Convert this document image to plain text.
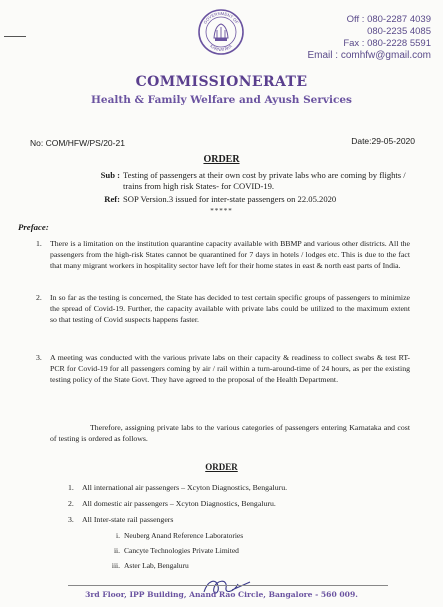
GOVERNMENT OF
KARNATAKA
Off : 080-2287 4039
080-2235 4085
Fax : 080-2228 5591
Email : comhfw@gmail.com
COMMISSIONERATE
Health & Family Welfare and Ayush Services
No: COM/HFW/PS/20-21	Date:29-05-2020
ORDER
Sub : Testing of passengers at their own cost by private labs who are coming by flights / trains from high risk States- for COVID-19.
Ref: SOP Version.3 issued for inter-state passengers on 22.05.2020
*****
Preface:
1. There is a limitation on the institution quarantine capacity available with BBMP and various other districts. All the passengers from the high-risk States cannot be quarantined for 7 days in hotels / lodges etc. This is due to the fact that many migrant workers in hospitality sector have left for their home states in east & north east parts of India.
2. In so far as the testing is concerned, the State has decided to test certain specific groups of passengers to minimize the spread of Covid-19. Further, the capacity available with private labs could be utilized to the maximum extent so that testing of Covid suspects happens faster.
3. A meeting was conducted with the various private labs on their capacity & readiness to collect swabs & test RT-PCR for Covid-19 for all passengers coming by air / rail within a turn-around-time of 24 hours, as per the existing testing policy of the State Govt. They have agreed to the proposal of the Health Department.
Therefore, assigning private labs to the various categories of passengers entering Karnataka and cost of testing is ordered as follows.
ORDER
1. All international air passengers – Xcyton Diagnostics, Bengaluru.
2. All domestic air passengers – Xcyton Diagnostics, Bengaluru.
3. All Inter-state rail passengers
i. Neuberg Anand Reference Laboratories
ii. Cancyte Technologies Private Limited
iii. Aster Lab, Bengaluru
3rd Floor, IPP Building, Anand Rao Circle, Bangalore - 560 009.
